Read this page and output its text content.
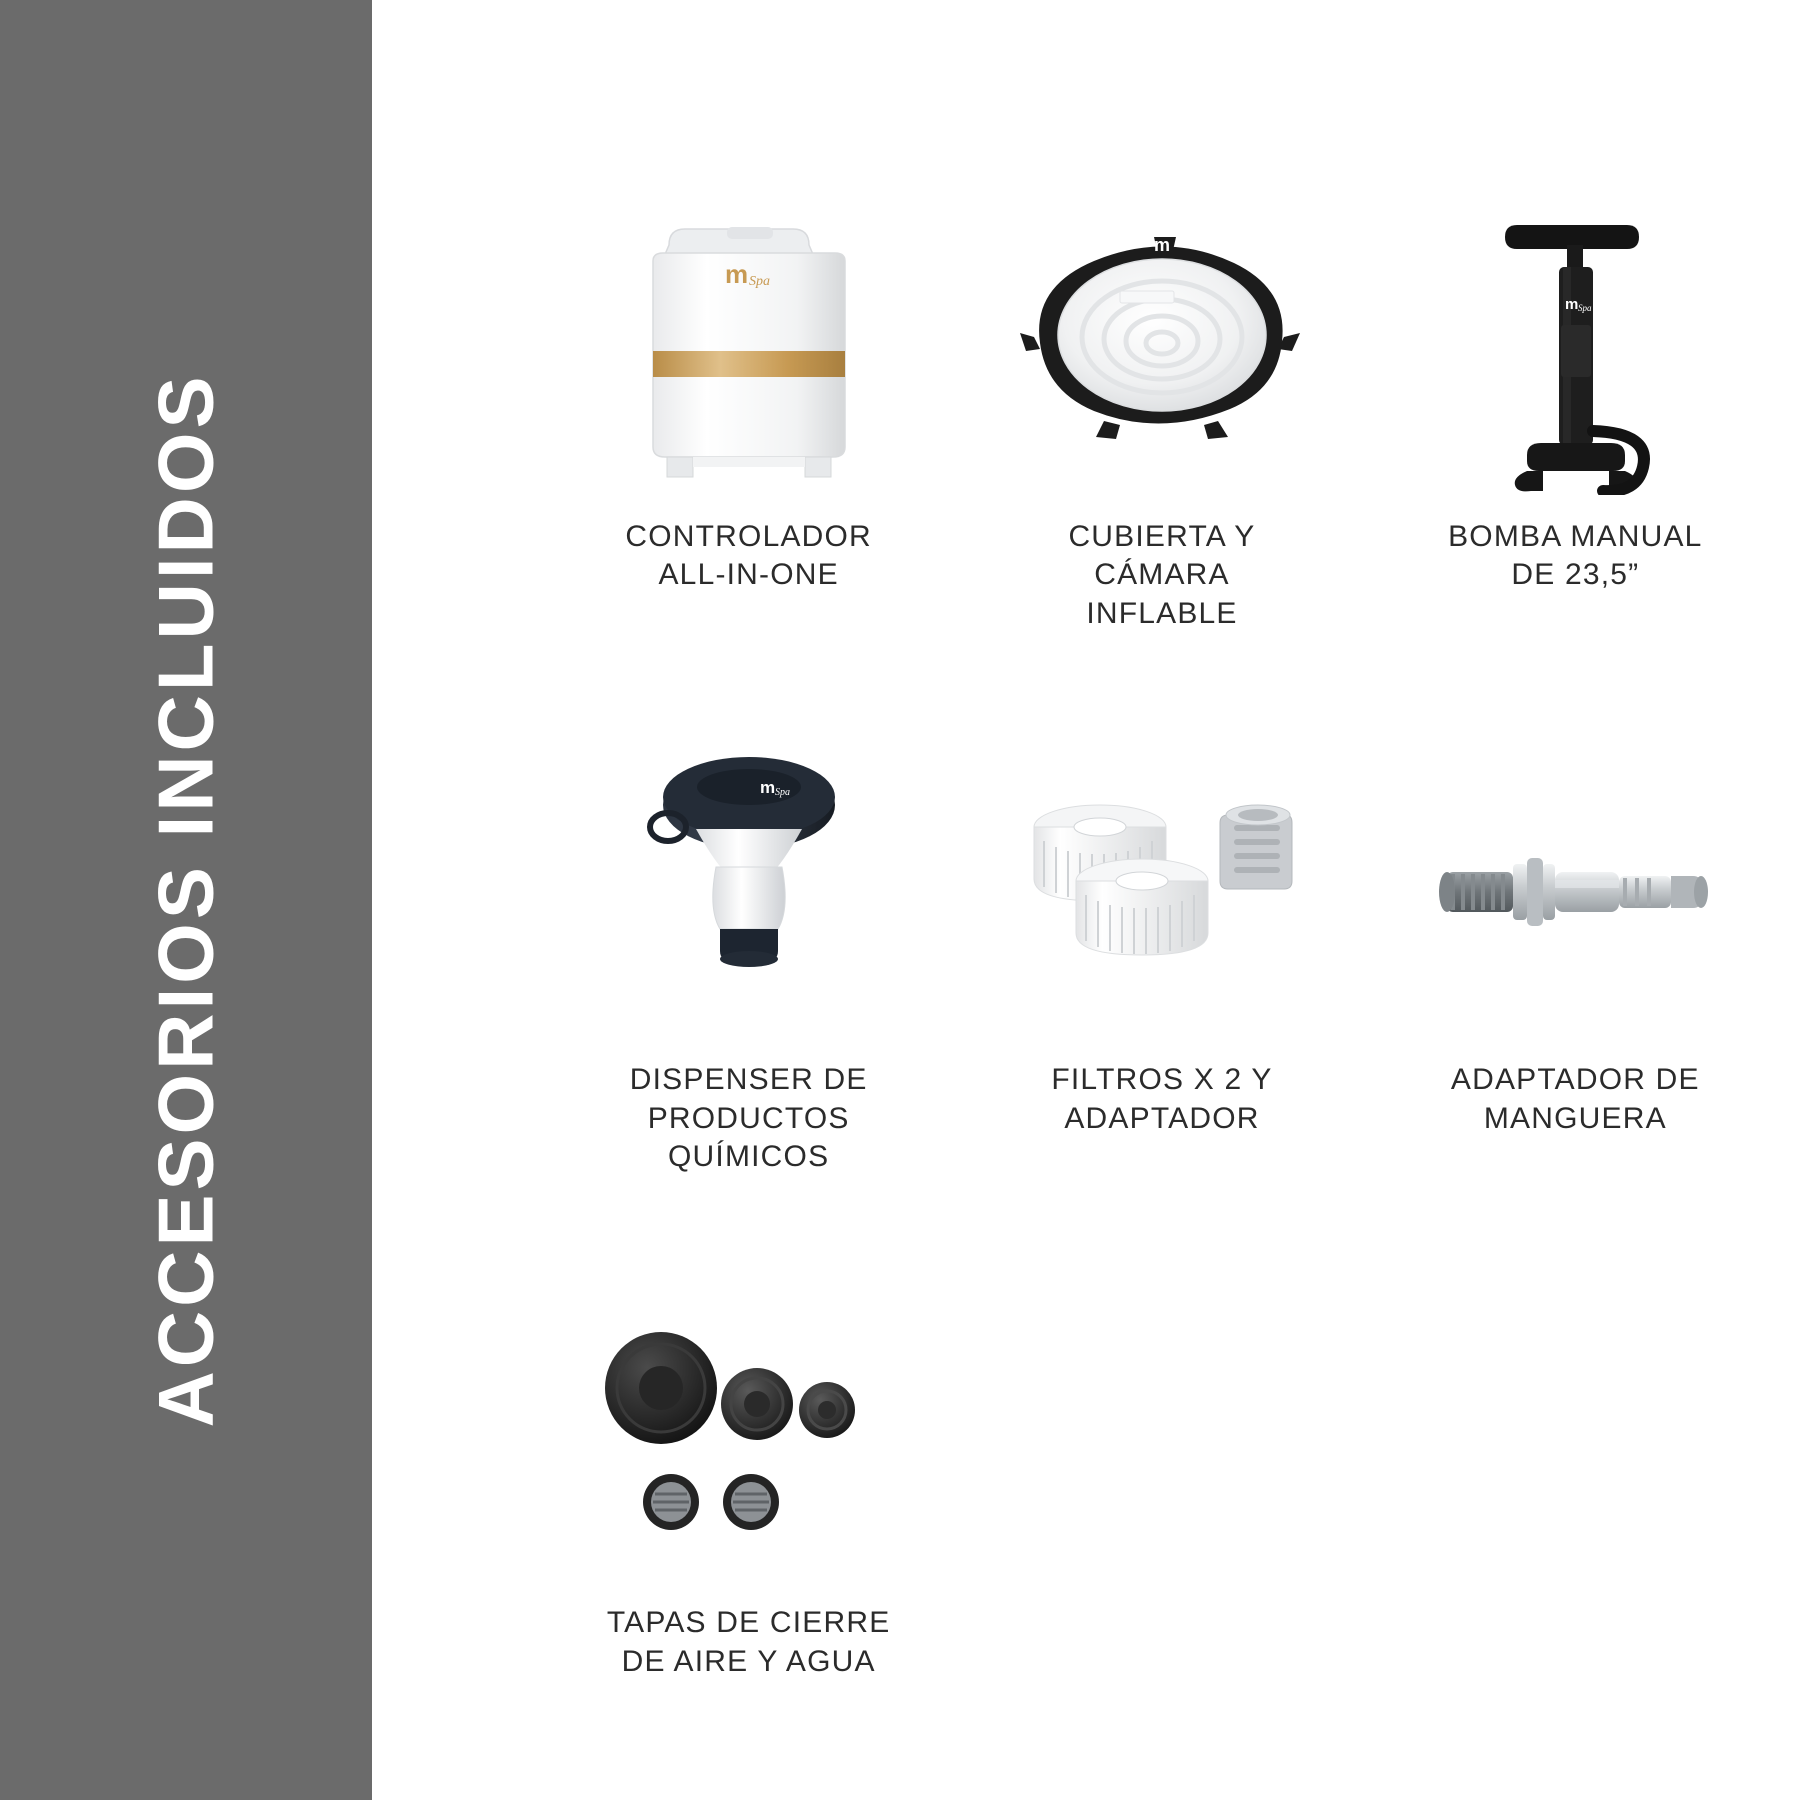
ACCESORIOS INCLUIDOS
m Spa
CONTROLADOR
ALL-IN-ONE
m
CUBIERTA Y CÁMARA
INFLABLE
m Spa
BOMBA MANUAL
DE 23,5”
m Spa
DISPENSER DE
PRODUCTOS
QUÍMICOS
FILTROS X 2 Y
ADAPTADOR
ADAPTADOR DE
MANGUERA
TAPAS DE CIERRE
DE AIRE Y AGUA
